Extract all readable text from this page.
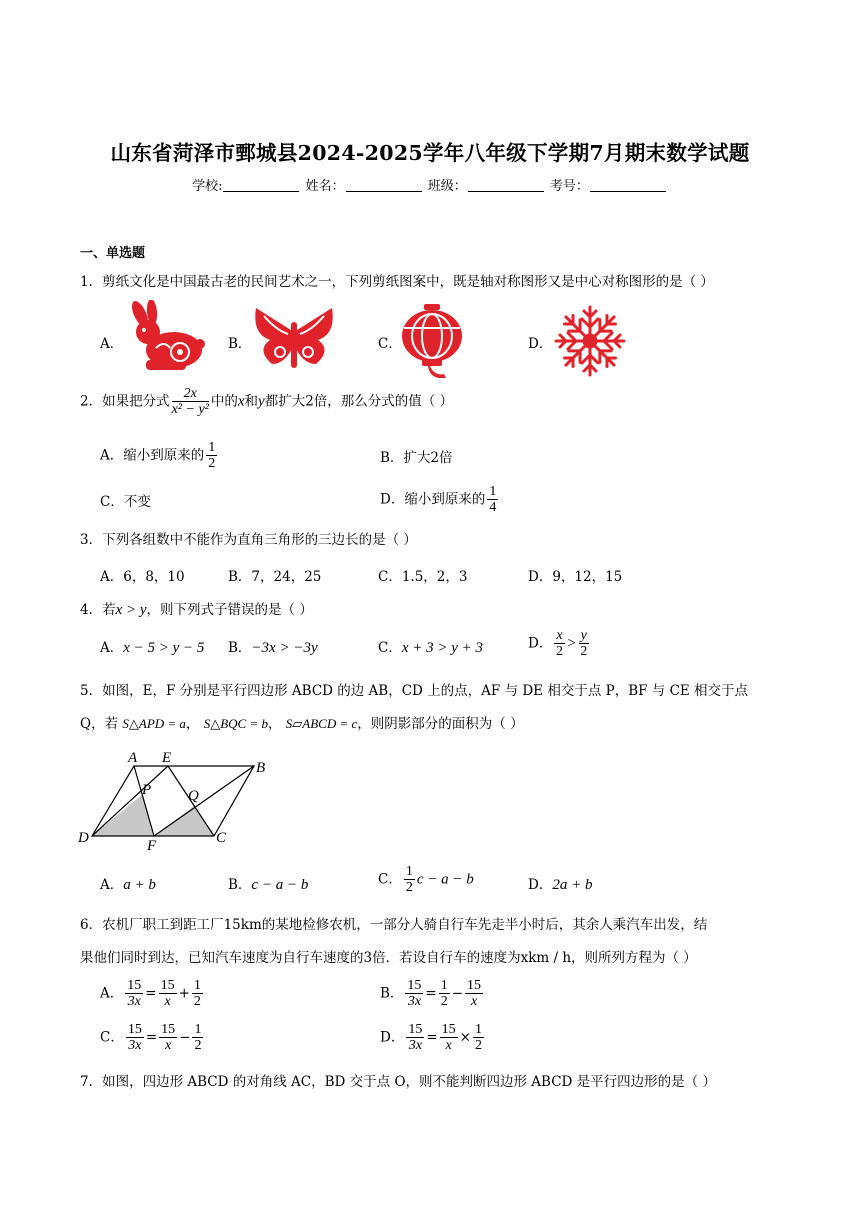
山东省菏泽市鄄城县2024-2025学年八年级下学期7月期末数学试题
学校:	姓名：	班级：	考号：
一、单选题
1．剪纸文化是中国最古老的民间艺术之一，下列剪纸图案中，既是轴对称图形又是中心对称图形的是（ ）
A．	B．	C．	D．
2．如果把分式 $\frac{2x}{\text{x² − y²}}$ 中的x和y都扩大2倍，那么分式的值（ ）
A．缩小到原来的 $\frac{1}{2}$	B．扩大2倍
C．不变	D．缩小到原来的 $\frac{1}{4}$
3．下列各组数中不能作为直角三角形的三边长的是（ ）
A．6，8，10	B．7，24，25	C．1.5，2，3	D．9，12，15
4．若x > y，则下列式子错误的是（ ）
A．x − 5 > y − 5 B．−3x > −3y	C．x + 3 > y + 3	D． $\frac{x}{2} > \frac{y}{2}$
5．如图，E，F 分别是平行四边形 ABCD 的边 AB，CD 上的点，AF 与 DE 相交于点 P，BF 与 CE 相交于点
Q，若 S△APD = a， S△BQC = b， S▱ABCD = c，则阴影部分的面积为（ ）
A E
B
P Q
D	F	C
A．a + b	B．c − a − b	C． $\frac{1}{2}$ c − a − b	D．2a + b
6．农机厂职工到距工厂15km的某地检修农机，一部分人骑自行车先走半小时后，其余人乘汽车出发，结
果他们同时到达，已知汽车速度为自行车速度的3倍．若设自行车的速度为xkm / h，则所列方程为（ ）
A． $\frac{15}{3x} = \frac{15}{x} + \frac{1}{2}$	B． $\frac{15}{3x} = \frac{1}{2} - \frac{15}{x}$
C． $\frac{15}{3x} = \frac{15}{x} - \frac{1}{2}$	D． $\frac{15}{3x} = \frac{15}{x} \times \frac{1}{2}$
7．如图，四边形 ABCD 的对角线 AC，BD 交于点 O，则不能判断四边形 ABCD 是平行四边形的是（ ）
